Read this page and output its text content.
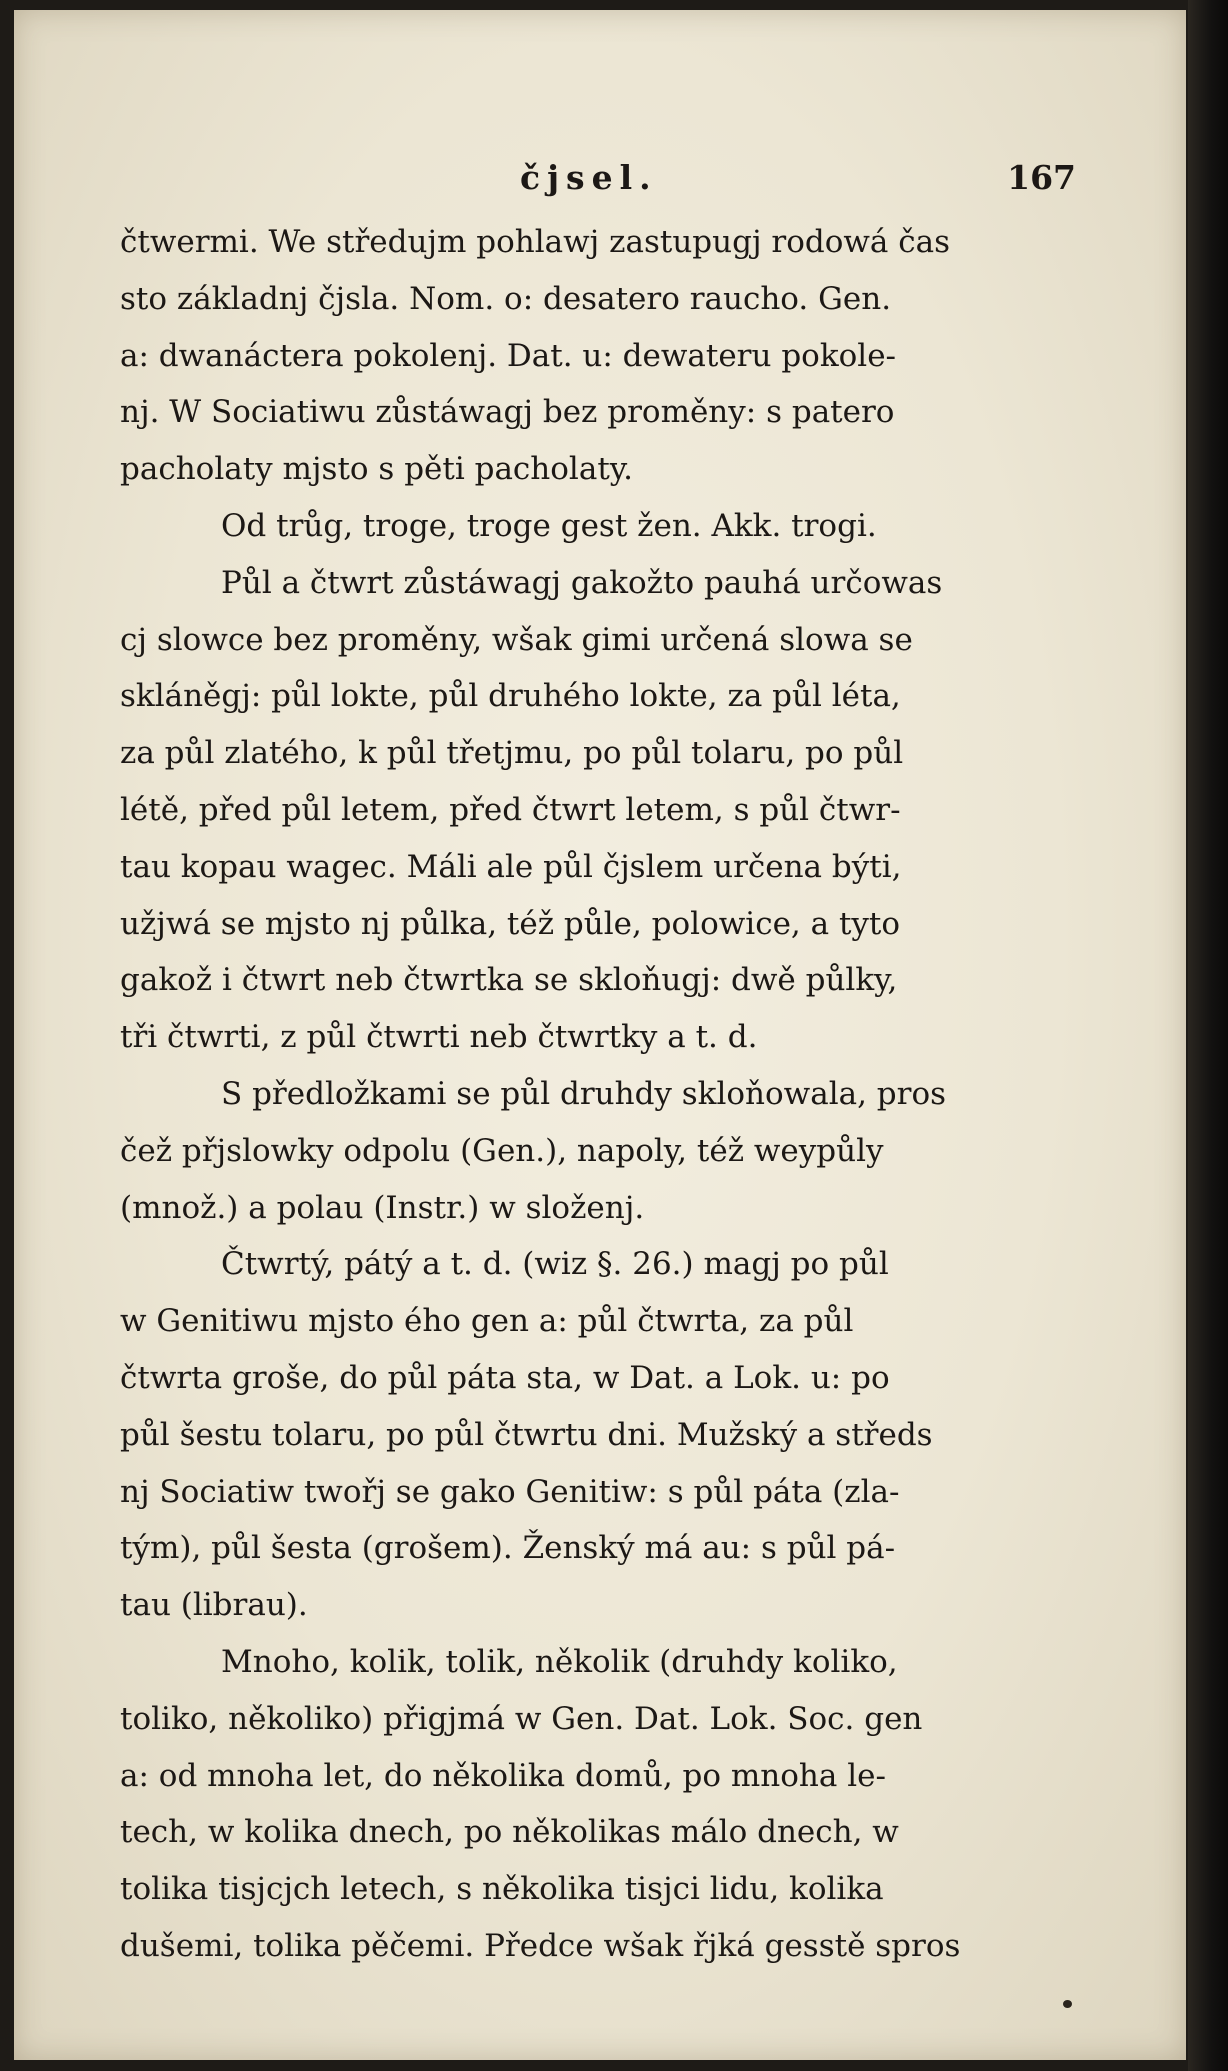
čjsel.	167
čtwermi. We středujm pohlawj zastupugj rodowá čas
sto základnj čjsla. Nom. o: desatero raucho. Gen.
a: dwanáctera pokolenj. Dat. u: dewateru pokole-
nj. W Sociatiwu zůstáwagj bez proměny: s patero
pacholaty mjsto s pěti pacholaty.
Od trůg, troge, troge gest žen. Akk. trogi.
Půl a čtwrt zůstáwagj gakožto pauhá určowas
cj slowce bez proměny, wšak gimi určená slowa se
skláněgj: půl lokte, půl druhého lokte, za půl léta,
za půl zlatého, k půl třetjmu, po půl tolaru, po půl
létě, před půl letem, před čtwrt letem, s půl čtwr-
tau kopau wagec. Máli ale půl čjslem určena býti,
užjwá se mjsto nj půlka, též půle, polowice, a tyto
gakož i čtwrt neb čtwrtka se skloňugj: dwě půlky,
tři čtwrti, z půl čtwrti neb čtwrtky a t. d.
S předložkami se půl druhdy skloňowala, pros
čež přjslowky odpolu (Gen.), napoly, též weypůly
(množ.) a polau (Instr.) w složenj.
Čtwrtý, pátý a t. d. (wiz §. 26.) magj po půl
w Genitiwu mjsto ého gen a: půl čtwrta, za půl
čtwrta groše, do půl páta sta, w Dat. a Lok. u: po
půl šestu tolaru, po půl čtwrtu dni. Mužský a středs
nj Sociatiw twořj se gako Genitiw: s půl páta (zla-
tým), půl šesta (grošem). Ženský má au: s půl pá-
tau (librau).
Mnoho, kolik, tolik, několik (druhdy koliko,
toliko, několiko) přigjmá w Gen. Dat. Lok. Soc. gen
a: od mnoha let, do několika domů, po mnoha le-
tech, w kolika dnech, po několikas málo dnech, w
tolika tisjcjch letech, s několika tisjci lidu, kolika
dušemi, tolika pěčemi. Předce wšak řjká gesstě spros
